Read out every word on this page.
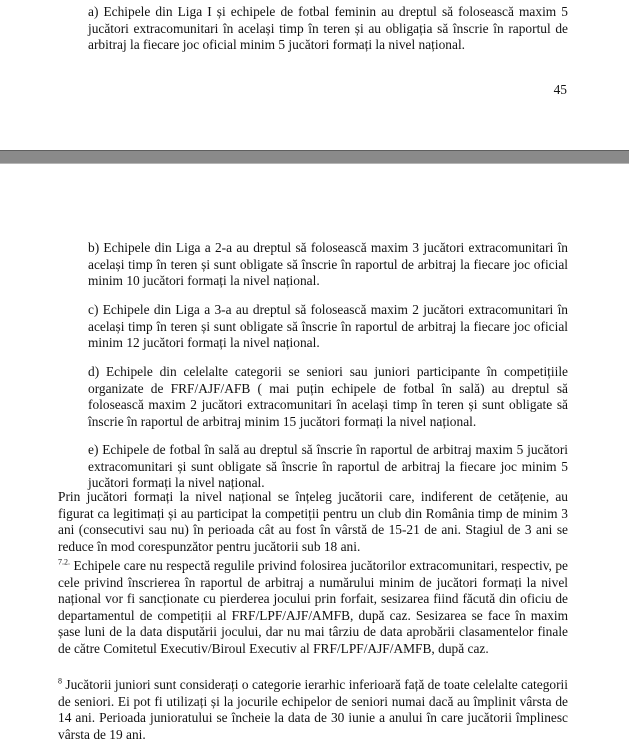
a) Echipele din Liga I și echipele de fotbal feminin au dreptul să folosească maxim 5 jucători extracomunitari în același timp în teren și au obligația să înscrie în raportul de arbitraj la fiecare joc oficial minim 5 jucători formați la nivel național.

45

b) Echipele din Liga a 2-a au dreptul să folosească maxim 3 jucători extracomunitari în același timp în teren și sunt obligate să înscrie în raportul de arbitraj la fiecare joc oficial minim 10 jucători formați la nivel național.

c) Echipele din Liga a 3-a au dreptul să folosească maxim 2 jucători extracomunitari în același timp în teren și sunt obligate să înscrie în raportul de arbitraj la fiecare joc oficial minim 12 jucători formați la nivel național.

d) Echipele din celelalte categorii se seniori sau juniori participante în competițiile organizate de FRF/AJF/AFB ( mai puțin echipele de fotbal în sală) au dreptul să folosească maxim 2 jucători extracomunitari în același timp în teren și sunt obligate să înscrie în raportul de arbitraj minim 15 jucători formați la nivel național.

e) Echipele de fotbal în sală au dreptul să înscrie în raportul de arbitraj maxim 5 jucători extracomunitari și sunt obligate să înscrie în raportul de arbitraj la fiecare joc minim 5 jucători formați la nivel național.

Prin jucători formați la nivel național se înțeleg jucătorii care, indiferent de cetățenie, au figurat ca legitimați și au participat la competiții pentru un club din România timp de minim 3 ani (consecutivi sau nu) în perioada cât au fost în vârstă de 15-21 de ani. Stagiul de 3 ani se reduce în mod corespunzător pentru jucătorii sub 18 ani.

$^{7.2.}$ Echipele care nu respectă regulile privind folosirea jucătorilor extracomunitari, respectiv, pe cele privind înscrierea în raportul de arbitraj a numărului minim de jucători formați la nivel național vor fi sancționate cu pierderea jocului prin forfait, sesizarea fiind făcută din oficiu de departamentul de competiții al FRF/LPF/AJF/AMFB, după caz. Sesizarea se face în maxim șase luni de la data disputării jocului, dar nu mai târziu de data aprobării clasamentelor finale de către Comitetul Executiv/Biroul Executiv al FRF/LPF/AJF/AMFB, după caz.

$^8$ Jucătorii juniori sunt considerați o categorie ierarhic inferioară față de toate celelalte categorii de seniori. Ei pot fi utilizați și la jocurile echipelor de seniori numai dacă au împlinit vârsta de 14 ani. Perioada junioratului se încheie la data de 30 iunie a anului în care jucătorii împlinesc vârsta de 19 ani.
